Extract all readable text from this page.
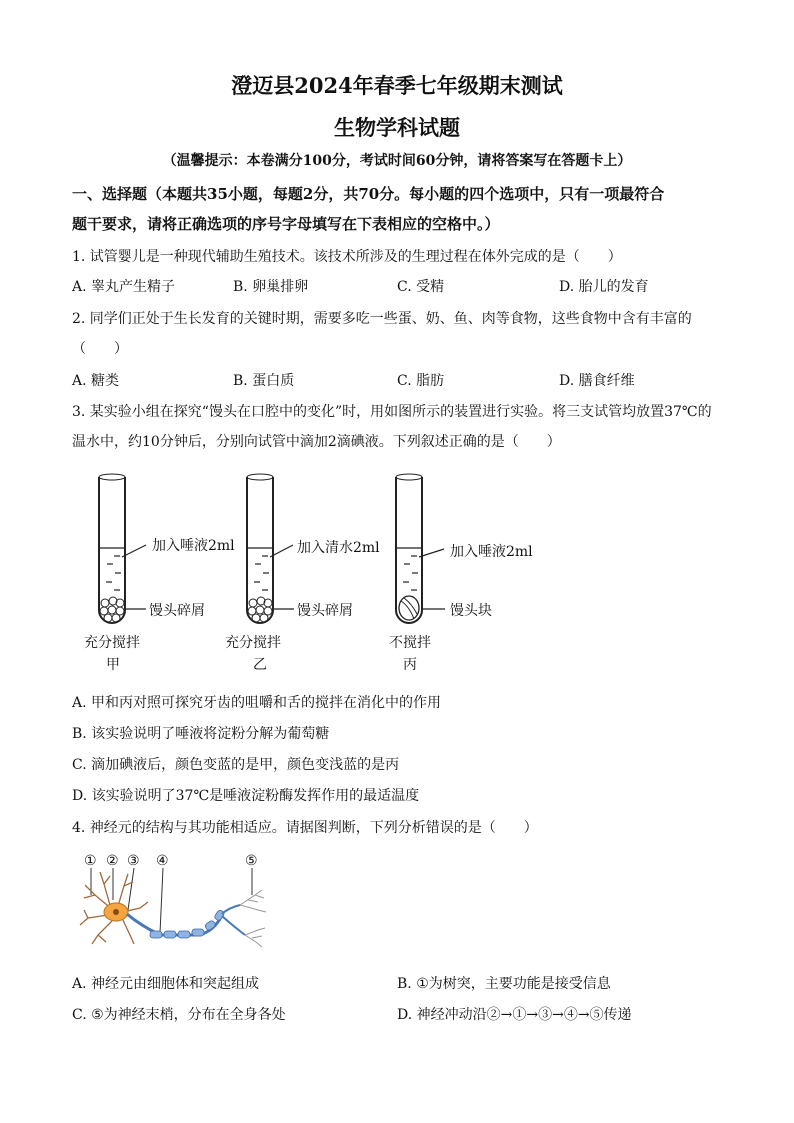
澄迈县2024年春季七年级期末测试
生物学科试题
（温馨提示：本卷满分100分，考试时间60分钟，请将答案写在答题卡上）
一、选择题（本题共35小题，每题2分，共70分。每小题的四个选项中，只有一项最符合
题干要求，请将正确选项的序号字母填写在下表相应的空格中。）
1. 试管婴儿是一种现代辅助生殖技术。该技术所涉及的生理过程在体外完成的是（　　）
A. 睾丸产生精子	B. 卵巢排卵	C. 受精	D. 胎儿的发育
2. 同学们正处于生长发育的关键时期，需要多吃一些蛋、奶、鱼、肉等食物，这些食物中含有丰富的
（　　）
A. 糖类	B. 蛋白质	C. 脂肪	D. 膳食纤维
3. 某实验小组在探究“馒头在口腔中的变化”时，用如图所示的装置进行实验。将三支试管均放置37℃的
温水中，约10分钟后，分别向试管中滴加2滴碘液。下列叙述正确的是（　　）
加入唾液2ml
馒头碎屑
充分搅拌
甲
加入清水2ml
馒头碎屑
充分搅拌
乙
加入唾液2ml
馒头块
不搅拌
丙
A. 甲和丙对照可探究牙齿的咀嚼和舌的搅拌在消化中的作用
B. 该实验说明了唾液将淀粉分解为葡萄糖
C. 滴加碘液后，颜色变蓝的是甲，颜色变浅蓝的是丙
D. 该实验说明了37℃是唾液淀粉酶发挥作用的最适温度
4. 神经元的结构与其功能相适应。请据图判断，下列分析错误的是（　　）
① ② ③ ④	⑤
A. 神经元由细胞体和突起组成	B. ①为树突，主要功能是接受信息
C. ⑤为神经末梢，分布在全身各处	D. 神经冲动沿②→①→③→④→⑤传递
